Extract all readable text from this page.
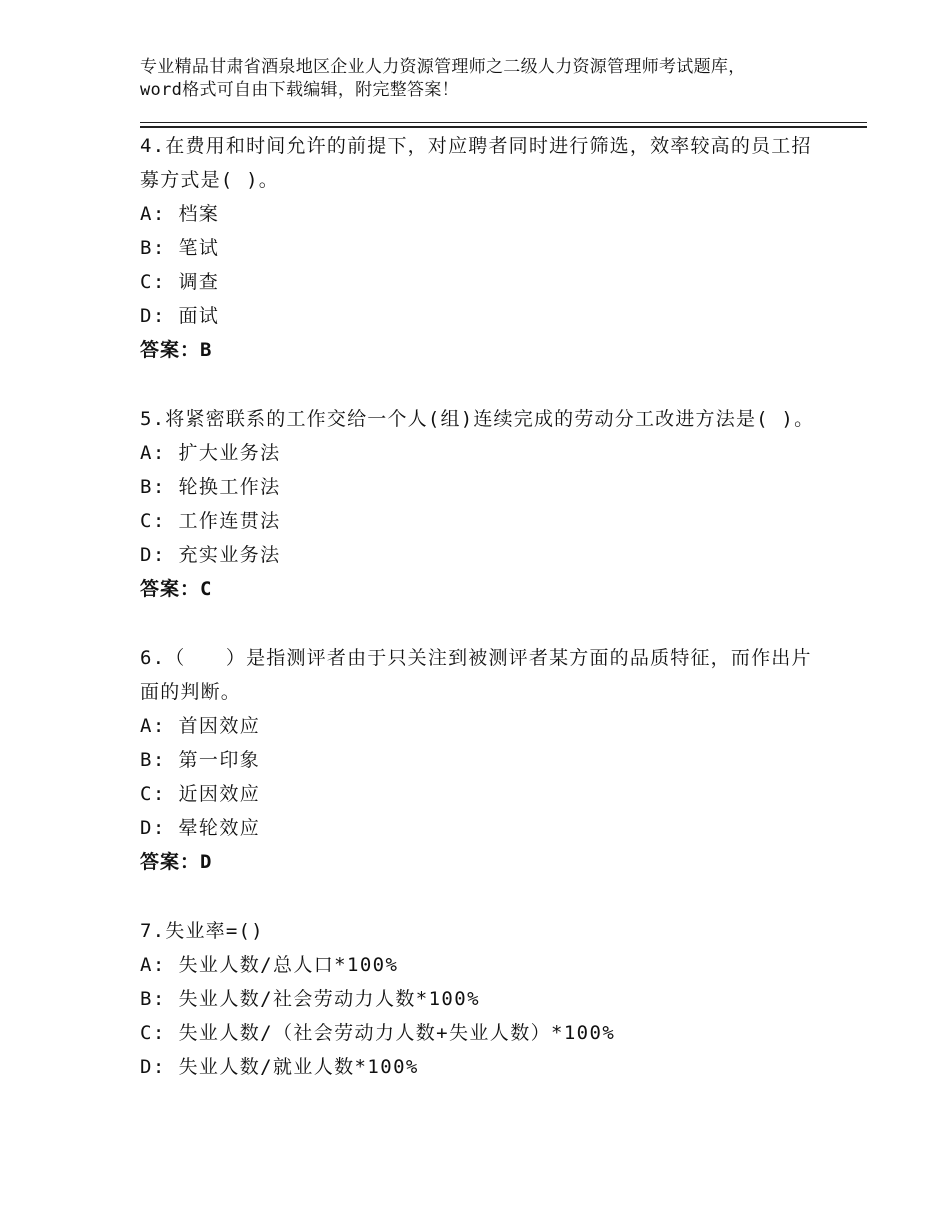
专业精品甘肃省酒泉地区企业人力资源管理师之二级人力资源管理师考试题库，word格式可自由下载编辑，附完整答案！
4.在费用和时间允许的前提下，对应聘者同时进行筛选，效率较高的员工招募方式是( )。
A: 档案
B: 笔试
C: 调查
D: 面试
答案：B
5.将紧密联系的工作交给一个人(组)连续完成的劳动分工改进方法是( )。
A: 扩大业务法
B: 轮换工作法
C: 工作连贯法
D: 充实业务法
答案：C
6.（　　）是指测评者由于只关注到被测评者某方面的品质特征，而作出片面的判断。
A: 首因效应
B: 第一印象
C: 近因效应
D: 晕轮效应
答案：D
7.失业率=()
A: 失业人数/总人口*100%
B: 失业人数/社会劳动力人数*100%
C: 失业人数/（社会劳动力人数+失业人数）*100%
D: 失业人数/就业人数*100%
